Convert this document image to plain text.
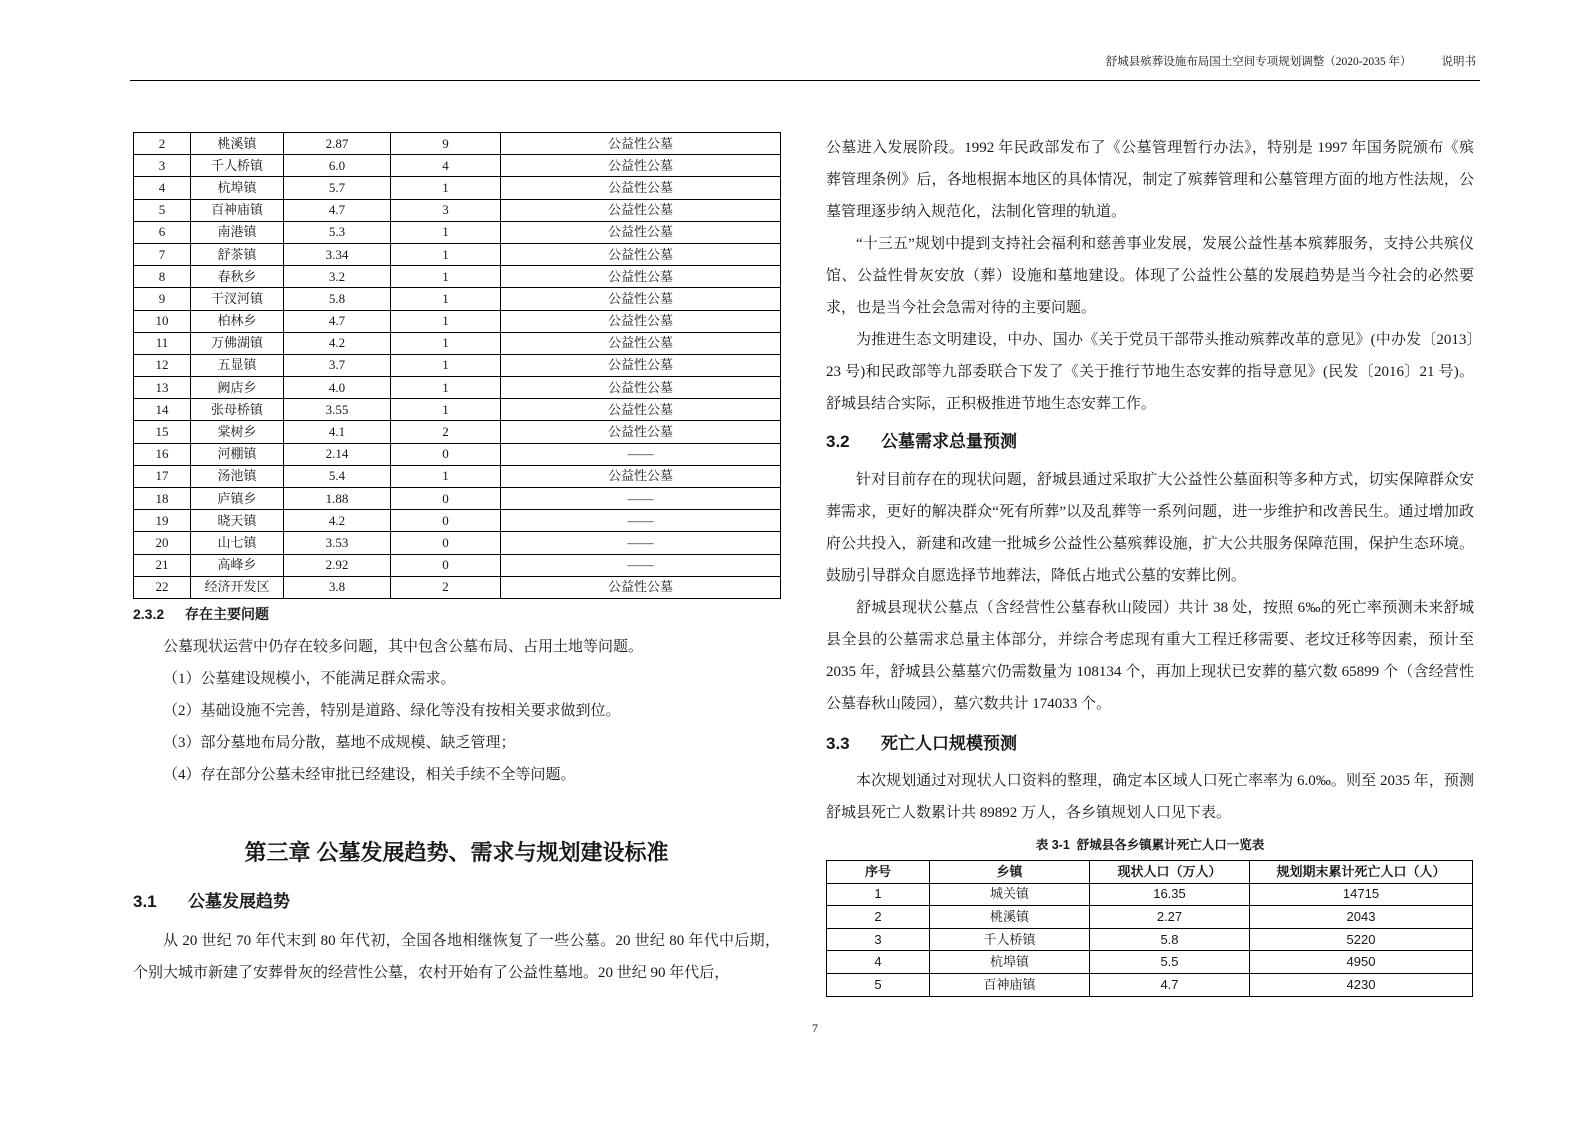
舒城县殡葬设施布局国土空间专项规划调整（2020-2035 年）	说明书
2	桃溪镇	2.87	9	公益性公墓
3	千人桥镇	6.0	4	公益性公墓
4	杭埠镇	5.7	1	公益性公墓
5	百神庙镇	4.7	3	公益性公墓
6	南港镇	5.3	1	公益性公墓
7	舒茶镇	3.34	1	公益性公墓
8	春秋乡	3.2	1	公益性公墓
9	干汊河镇	5.8	1	公益性公墓
10	柏林乡	4.7	1	公益性公墓
11	万佛湖镇	4.2	1	公益性公墓
12	五显镇	3.7	1	公益性公墓
13	阙店乡	4.0	1	公益性公墓
14	张母桥镇	3.55	1	公益性公墓
15	棠树乡	4.1	2	公益性公墓
16	河棚镇	2.14	0	——
17	汤池镇	5.4	1	公益性公墓
18	庐镇乡	1.88	0	——
19	晓天镇	4.2	0	——
20	山七镇	3.53	0	——
21	高峰乡	2.92	0	——
22	经济开发区	3.8	2	公益性公墓
2.3.2 存在主要问题

公墓现状运营中仍存在较多问题，其中包含公墓布局、占用土地等问题。

（1）公墓建设规模小，不能满足群众需求。

（2）基础设施不完善，特别是道路、绿化等没有按相关要求做到位。

（3）部分墓地布局分散，墓地不成规模、缺乏管理；

（4）存在部分公墓未经审批已经建设，相关手续不全等问题。

第三章 公墓发展趋势、需求与规划建设标准
3.1 公墓发展趋势

从 20 世纪 70 年代末到 80 年代初，全国各地相继恢复了一些公墓。20 世纪 80 年代中后期，个别大城市新建了安葬骨灰的经营性公墓，农村开始有了公益性墓地。20 世纪 90 年代后，

公墓进入发展阶段。1992 年民政部发布了《公墓管理暂行办法》，特别是 1997 年国务院颁布《殡葬管理条例》后，各地根据本地区的具体情况，制定了殡葬管理和公墓管理方面的地方性法规，公墓管理逐步纳入规范化，法制化管理的轨道。

“十三五”规划中提到支持社会福利和慈善事业发展，发展公益性基本殡葬服务，支持公共殡仪馆、公益性骨灰安放（葬）设施和墓地建设。体现了公益性公墓的发展趋势是当今社会的必然要求，也是当今社会急需对待的主要问题。

为推进生态文明建设，中办、国办《关于党员干部带头推动殡葬改革的意见》(中办发〔2013〕23 号)和民政部等九部委联合下发了《关于推行节地生态安葬的指导意见》(民发〔2016〕21 号)。舒城县结合实际，正积极推进节地生态安葬工作。

3.2 公墓需求总量预测

针对目前存在的现状问题，舒城县通过采取扩大公益性公墓面积等多种方式，切实保障群众安葬需求，更好的解决群众“死有所葬”以及乱葬等一系列问题，进一步维护和改善民生。通过增加政府公共投入，新建和改建一批城乡公益性公墓殡葬设施，扩大公共服务保障范围，保护生态环境。鼓励引导群众自愿选择节地葬法，降低占地式公墓的安葬比例。

舒城县现状公墓点（含经营性公墓春秋山陵园）共计 38 处，按照 6‰的死亡率预测未来舒城县全县的公墓需求总量主体部分，并综合考虑现有重大工程迁移需要、老坟迁移等因素，预计至 2035 年，舒城县公墓墓穴仍需数量为 108134 个，再加上现状已安葬的墓穴数 65899 个（含经营性公墓春秋山陵园），墓穴数共计 174033 个。

3.3 死亡人口规模预测

本次规划通过对现状人口资料的整理，确定本区域人口死亡率率为 6.0‰。则至 2035 年，预测舒城县死亡人数累计共 89892 万人，各乡镇规划人口见下表。

表 3-1  舒城县各乡镇累计死亡人口一览表
序号	乡镇	现状人口（万人）	规划期末累计死亡人口（人）
1	城关镇	16.35	14715
2	桃溪镇	2.27	2043
3	千人桥镇	5.8	5220
4	杭埠镇	5.5	4950
5	百神庙镇	4.7	4230
7
